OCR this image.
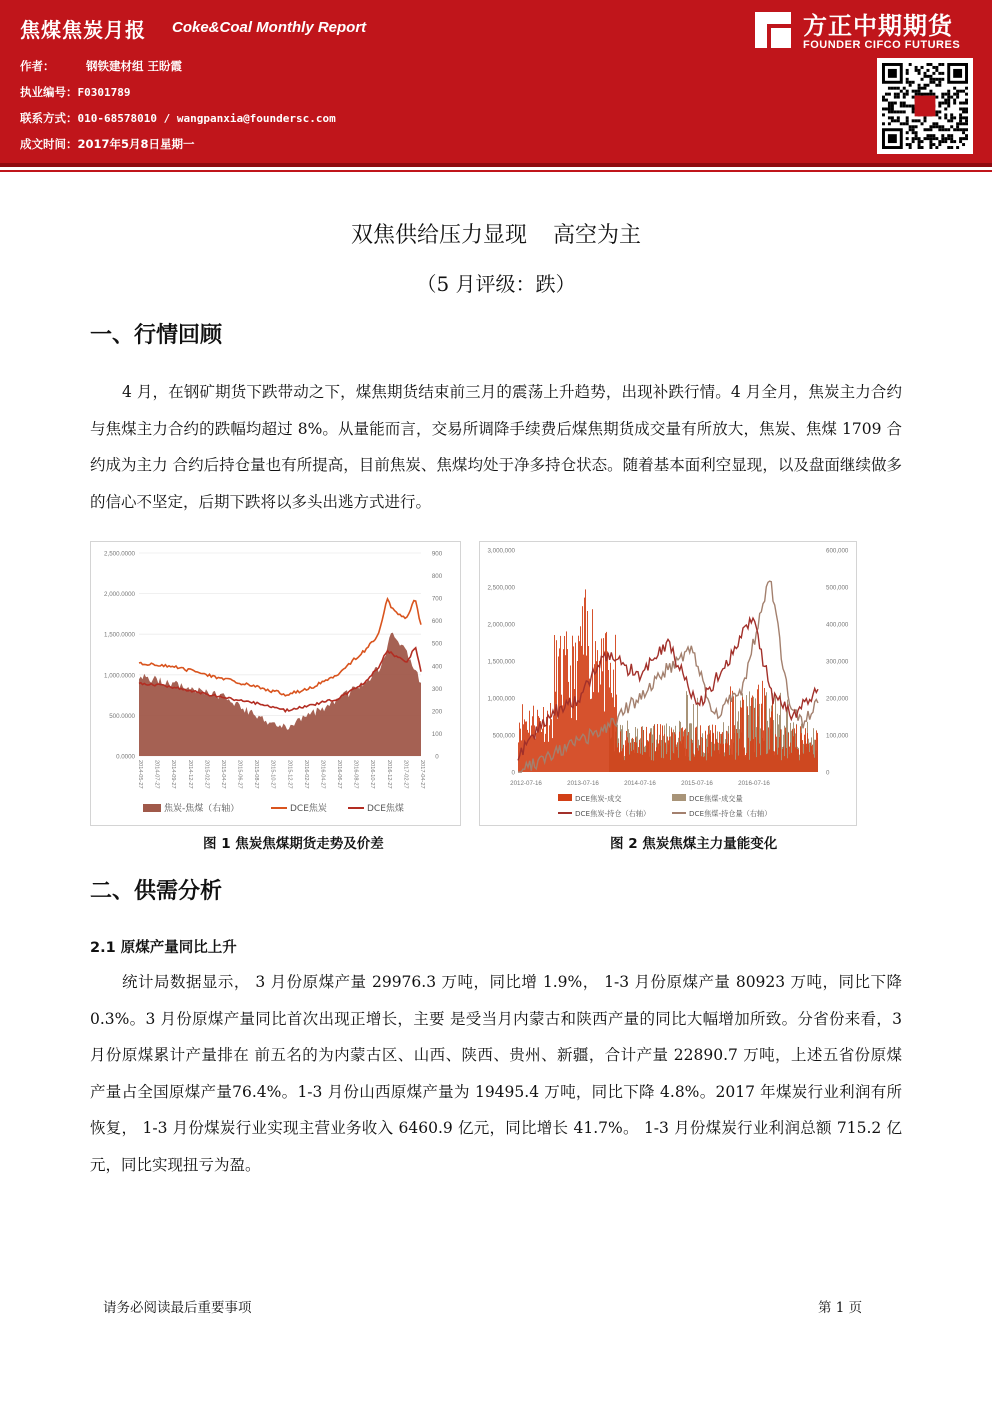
焦煤焦炭月报 Coke&Coal Monthly Report
作者：	钢铁建材组 王盼霞
执业编号：F0301789
联系方式：010-68578010 / wangpanxia@foundersc.com
成文时间：2017年5月8日星期一
方正中期期货
FOUNDER CIFCO FUTURES
双焦供给压力显现 高空为主
（5 月评级：跌）
一、行情回顾
4 月，在钢矿期货下跌带动之下，煤焦期货结束前三月的震荡上升趋势，出现补跌行情。4 月全月，焦炭主力合约与焦煤主力合约的跌幅均超过 8%。从量能而言，交易所调降手续费后煤焦期货成交量有所放大，焦炭、焦煤 1709 合约成为主力 合约后持仓量也有所提高，目前焦炭、焦煤均处于净多持仓状态。随着基本面利空显现，以及盘面继续做多的信心不坚定，后期下跌将以多头出逃方式进行。
2,500.0000
2,000.0000
1,500.0000
1,000.0000
500.0000
0.0000
900
800
700
600
500
400
300
200
100
0
2014-05-27 2014-07-27 2014-09-27 2014-12-27 2015-02-27 2015-04-27 2015-06-27 2015-08-27 2015-10-27 2015-12-27 2016-02-27 2016-04-27 2016-06-27 2016-08-27 2016-10-27 2016-12-27 2017-02-27 2017-04-27
焦炭-焦煤（右轴）	DCE焦炭	DCE焦煤
图 1 焦炭焦煤期货走势及价差
3,000,000
2,500,000
2,000,000
1,500,000
1,000,000
500,000
0
600,000
500,000
400,000
300,000
200,000
100,000
0
2012-07-16	2013-07-16	2014-07-16	2015-07-16	2016-07-16
DCE焦炭-成交	DCE焦煤-成交量
DCE焦炭-持仓（右轴）	DCE焦煤-持仓量（右轴）
图 2 焦炭焦煤主力量能变化
二、供需分析
2.1 原煤产量同比上升
统计局数据显示， 3 月份原煤产量 29976.3 万吨，同比增 1.9%， 1-3 月份原煤产量 80923 万吨，同比下降 0.3%。3 月份原煤产量同比首次出现正增长，主要 是受当月内蒙古和陕西产量的同比大幅增加所致。分省份来看，3 月份原煤累计产量排在 前五名的为内蒙古区、山西、陕西、贵州、新疆，合计产量 22890.7 万吨，上述五省份原煤 产量占全国原煤产量76.4%。1-3 月份山西原煤产量为 19495.4 万吨，同比下降 4.8%。2017 年煤炭行业利润有所恢复， 1-3 月份煤炭行业实现主营业务收入 6460.9 亿元，同比增长 41.7%。 1-3 月份煤炭行业利润总额 715.2 亿元，同比实现扭亏为盈。
请务必阅读最后重要事项	第 1 页
